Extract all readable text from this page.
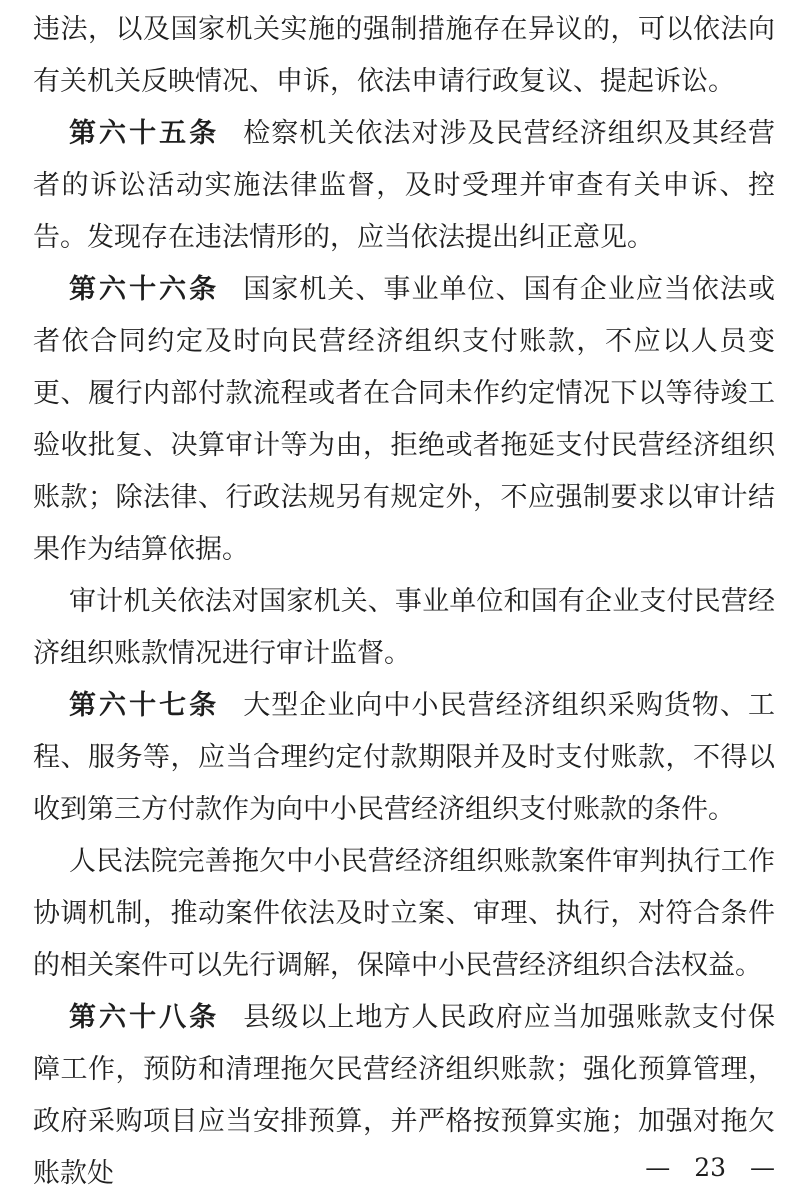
违法，以及国家机关实施的强制措施存在异议的，可以依法向有关机关反映情况、申诉，依法申请行政复议、提起诉讼。

第六十五条 检察机关依法对涉及民营经济组织及其经营者的诉讼活动实施法律监督，及时受理并审查有关申诉、控告。发现存在违法情形的，应当依法提出纠正意见。

第六十六条 国家机关、事业单位、国有企业应当依法或者依合同约定及时向民营经济组织支付账款，不应以人员变更、履行内部付款流程或者在合同未作约定情况下以等待竣工验收批复、决算审计等为由，拒绝或者拖延支付民营经济组织账款；除法律、行政法规另有规定外，不应强制要求以审计结果作为结算依据。

审计机关依法对国家机关、事业单位和国有企业支付民营经济组织账款情况进行审计监督。

第六十七条 大型企业向中小民营经济组织采购货物、工程、服务等，应当合理约定付款期限并及时支付账款，不得以收到第三方付款作为向中小民营经济组织支付账款的条件。

人民法院完善拖欠中小民营经济组织账款案件审判执行工作协调机制，推动案件依法及时立案、审理、执行，对符合条件的相关案件可以先行调解，保障中小民营经济组织合法权益。

第六十八条 县级以上地方人民政府应当加强账款支付保障工作，预防和清理拖欠民营经济组织账款；强化预算管理，政府采购项目应当安排预算，并严格按预算实施；加强对拖欠账款处	— 23 —
